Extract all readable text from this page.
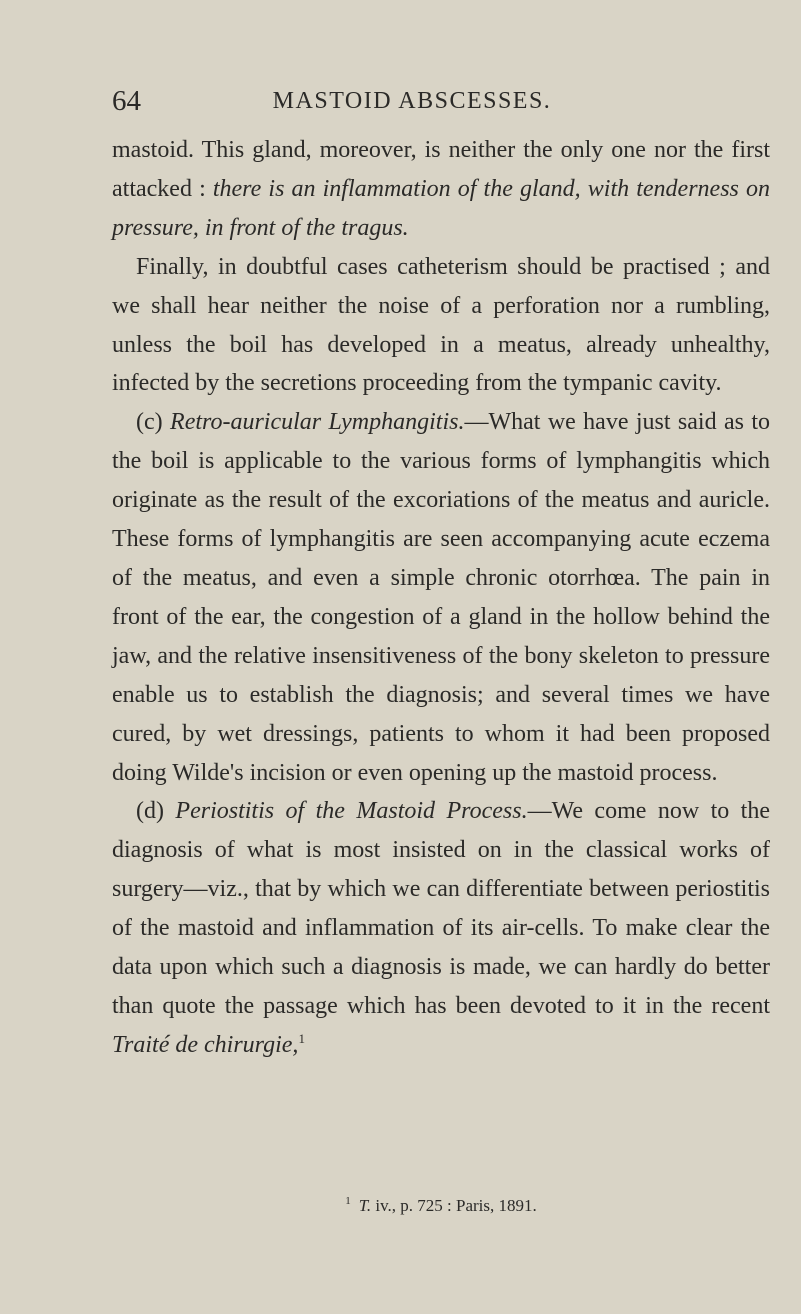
64	MASTOID ABSCESSES.

mastoid. This gland, moreover, is neither the only one nor the first attacked : there is an inflammation of the gland, with tenderness on pressure, in front of the tragus.

Finally, in doubtful cases catheterism should be practised ; and we shall hear neither the noise of a perforation nor a rumbling, unless the boil has developed in a meatus, already unhealthy, infected by the secretions proceeding from the tympanic cavity.

(c) Retro-auricular Lymphangitis.—What we have just said as to the boil is applicable to the various forms of lymphangitis which originate as the result of the excoriations of the meatus and auricle. These forms of lymphangitis are seen accompanying acute eczema of the meatus, and even a simple chronic otorrhœa. The pain in front of the ear, the congestion of a gland in the hollow behind the jaw, and the relative insensitiveness of the bony skeleton to pressure enable us to establish the diagnosis; and several times we have cured, by wet dressings, patients to whom it had been proposed doing Wilde's incision or even opening up the mastoid process.

(d) Periostitis of the Mastoid Process.—We come now to the diagnosis of what is most insisted on in the classical works of surgery—viz., that by which we can differentiate between periostitis of the mastoid and inflammation of its air-cells. To make clear the data upon which such a diagnosis is made, we can hardly do better than quote the passage which has been devoted to it in the recent Traité de chirurgie,$^1$

$^1$ T. iv., p. 725 : Paris, 1891.
